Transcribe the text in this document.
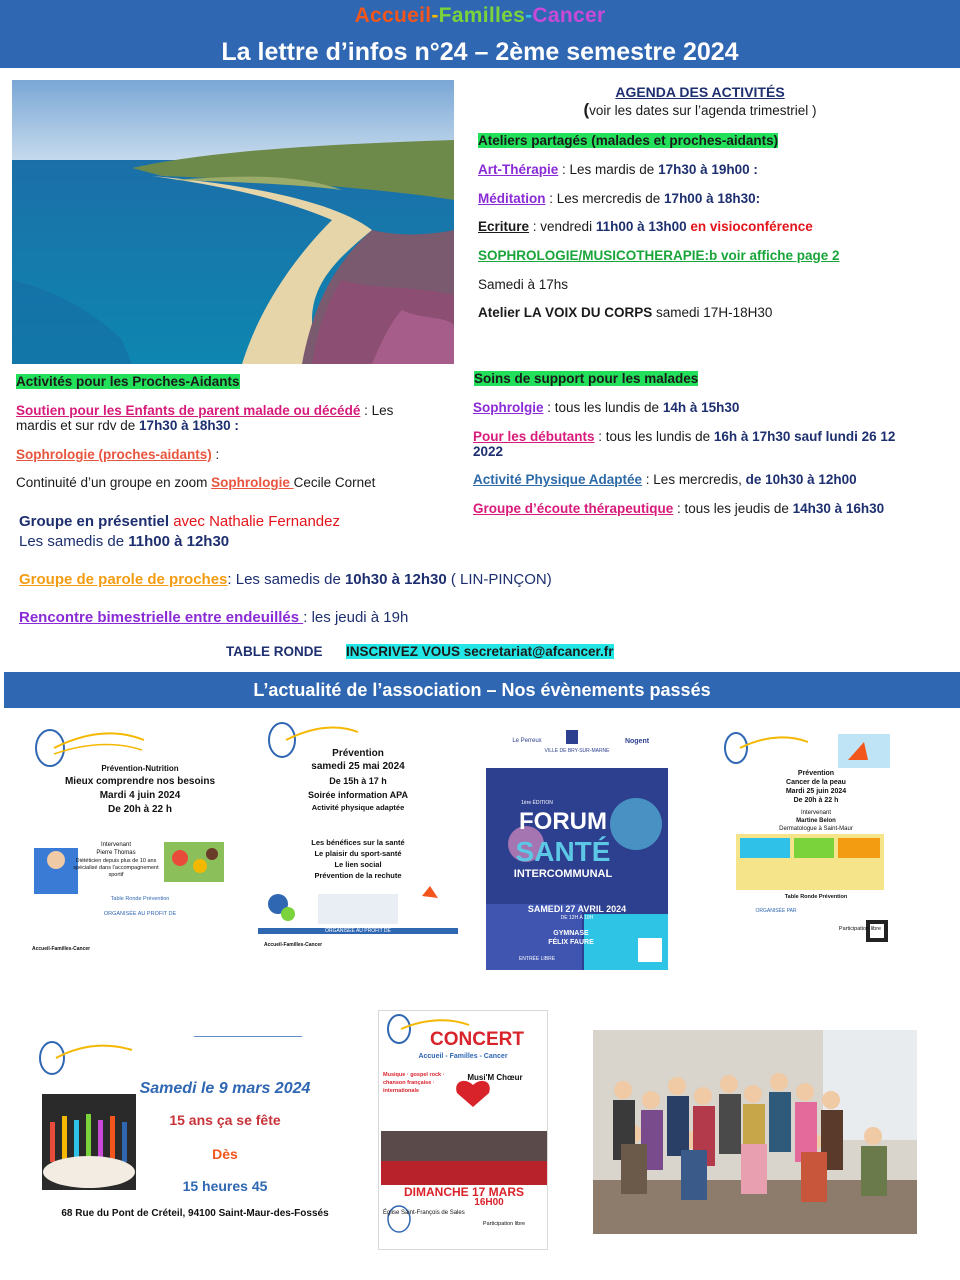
Accueil-Familles-Cancer
La lettre d’infos n°24 – 2ème semestre 2024
AGENDA DES ACTIVITÉS
(voir les dates sur l’agenda trimestriel )
Ateliers partagés (malades et proches-aidants)
Art-Thérapie : Les mardis de 17h30 à 19h00 :
Méditation : Les mercredis de 17h00 à 18h30:
Ecriture : vendredi 11h00 à 13h00 en visioconférence
SOPHROLOGIE/MUSICOTHERAPIE:b voir affiche page 2
Samedi à 17hs
Atelier LA VOIX DU CORPS samedi 17H-18H30
Activités pour les Proches-Aidants
Soutien pour les Enfants de parent malade ou décédé : Les
mardis et sur rdv de 17h30 à 18h30 :
Sophrologie (proches-aidants) :
Continuité d’un groupe en zoom Sophrologie Cecile Cornet
Groupe en présentiel avec Nathalie Fernandez
Les samedis de 11h00 à 12h30
Groupe de parole de proches: Les samedis de 10h30 à 12h30 ( LIN-PINÇON)
Rencontre bimestrielle entre endeuillés : les jeudi à 19h
TABLE RONDE INSCRIVEZ VOUS secretariat@afcancer.fr
Soins de support pour les malades
Sophrolgie : tous les lundis de 14h à 15h30
Pour les débutants : tous les lundis de 16h à 17h30 sauf lundi 26 12
2022
Activité Physique Adaptée : Les mercredis, de 10h30 à 12h00
Groupe d’écoute thérapeutique : tous les jeudis de 14h30 à 16h30
L’actualité de l’association – Nos évènements passés
Prévention-Nutrition
Mieux comprendre nos besoins
Mardi 4 juin 2024
De 20h à 22 h
Intervenant
Pierre Thomas
Diététicien depuis plus de 10 ans spécialisé dans l’accompagnement sportif
Table Ronde Prévention
ORGANISÉE AU PROFIT DE
Accueil-Familles-Cancer
Prévention
samedi 25 mai 2024
De 15h à 17 h
Soirée information APA
Activité physique adaptée
Les bénéfices sur la santé
Le plaisir du sport-santé
Le lien social
Prévention de la rechute
ORGANISÉE AU PROFIT DE
Accueil-Familles-Cancer
Le Perreux
VILLE DE BRY-SUR-MARNE
Nogent
1ère ÉDITION
FORUM
SANTÉ
INTERCOMMUNAL
SAMEDI 27 AVRIL 2024
DE 12H À 18H
GYMNASE
FÉLIX FAURE
ENTRÉE LIBRE
Prévention
Cancer de la peau
Mardi 25 juin 2024
De 20h à 22 h
Intervenant
Martine Belon
Dermatologue à Saint-Maur
Table Ronde Prévention
ORGANISÉE PAR
Participation libre
Samedi le 9 mars 2024
15 ans ça se fête
Dès
15 heures 45
68 Rue du Pont de Créteil, 94100 Saint-Maur-des-Fossés
CONCERT
Accueil - Familles - Cancer
Musique · gospel rock · chanson française · internationale
Musi'M Chœur
DIMANCHE 17 MARS
16H00
Église Saint-François de Sales
Participation libre
